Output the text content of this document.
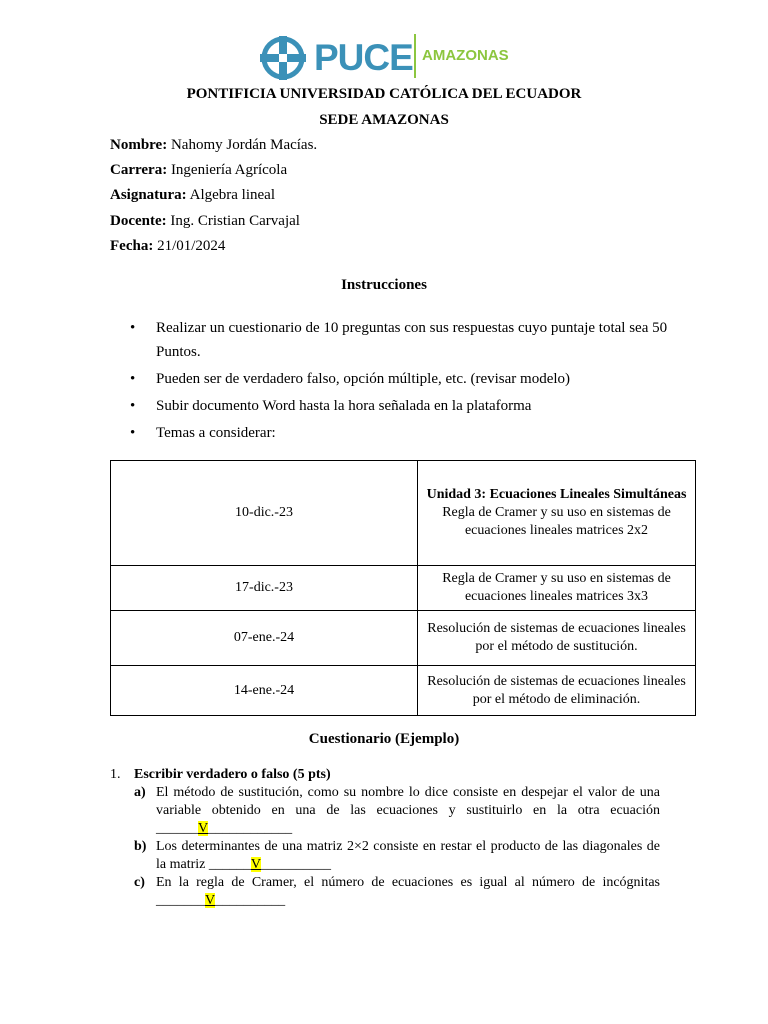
PUCE AMAZONAS
PONTIFICIA UNIVERSIDAD CATÓLICA DEL ECUADOR
SEDE AMAZONAS
Nombre: Nahomy Jordán Macías.
Carrera: Ingeniería Agrícola
Asignatura: Algebra lineal
Docente: Ing. Cristian Carvajal
Fecha: 21/01/2024
Instrucciones
• Realizar un cuestionario de 10 preguntas con sus respuestas cuyo puntaje total sea 50 Puntos.
• Pueden ser de verdadero falso, opción múltiple, etc. (revisar modelo)
• Subir documento Word hasta la hora señalada en la plataforma
• Temas a considerar:
10-dic.-23	Unidad 3: Ecuaciones Lineales Simultáneas Regla de Cramer y su uso en sistemas de ecuaciones lineales matrices 2x2
17-dic.-23	Regla de Cramer y su uso en sistemas de ecuaciones lineales matrices 3x3
07-ene.-24	Resolución de sistemas de ecuaciones lineales por el método de sustitución.
14-ene.-24	Resolución de sistemas de ecuaciones lineales por el método de eliminación.
Cuestionario (Ejemplo)
1. Escribir verdadero o falso (5 pts)
a) El método de sustitución, como su nombre lo dice consiste en despejar el valor de una variable obtenido en una de las ecuaciones y sustituirlo en la otra ecuación ______V____________
b) Los determinantes de una matriz 2×2 consiste en restar el producto de las diagonales de la matriz ______V__________
c) En la regla de Cramer, el número de ecuaciones es igual al número de incógnitas _______V__________
